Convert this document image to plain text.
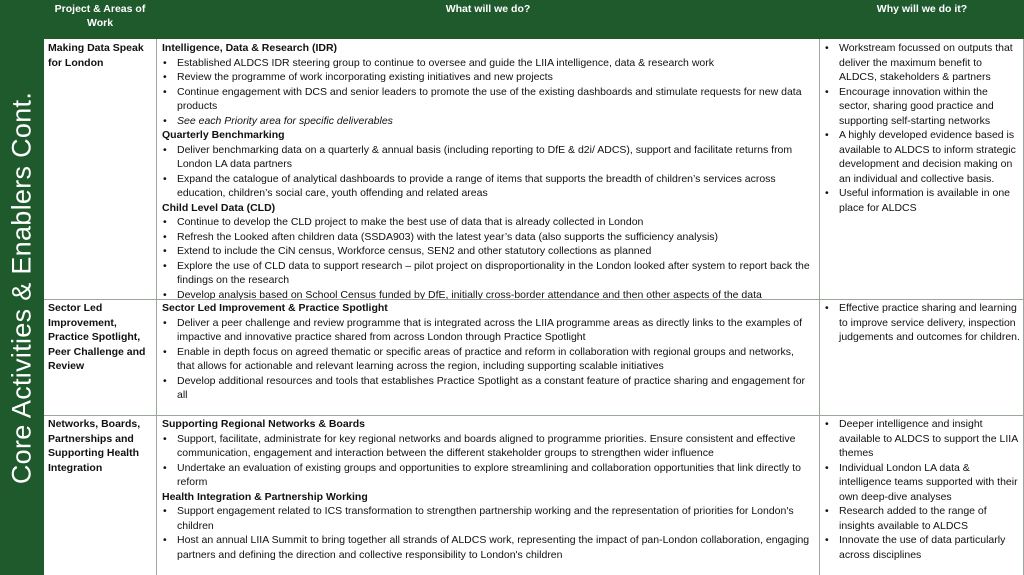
Core Activities & Enablers Cont.
Project & Areas of Work
What will we do?	Why will we do it?
Making Data Speak for London
Intelligence, Data & Research (IDR)
• Established ALDCS IDR steering group to continue to oversee and guide the LIIA intelligence, data & research work
• Review the programme of work incorporating existing initiatives and new projects
• Continue engagement with DCS and senior leaders to promote the use of the existing dashboards and stimulate requests for new data products
• See each Priority area for specific deliverables
Quarterly Benchmarking
• Deliver benchmarking data on a quarterly & annual basis (including reporting to DfE & d2i/ ADCS), support and facilitate returns from London LA data partners
• Expand the catalogue of analytical dashboards to provide a range of items that supports the breadth of children’s services across education, children’s social care, youth offending and related areas
Child Level Data (CLD)
• Continue to develop the CLD project to make the best use of data that is already collected in London
• Refresh the Looked aften children data (SSDA903) with the latest year’s data (also supports the sufficiency analysis)
• Extend to include the CiN census, Workforce census, SEN2 and other statutory collections as planned
• Explore the use of CLD data to support research – pilot project on disproportionality in the London looked after system to report back the findings on the research
• Develop analysis based on School Census funded by DfE, initially cross-border attendance and then other aspects of the data
• Workstream focussed on outputs that deliver the maximum benefit to ALDCS, stakeholders & partners
• Encourage innovation within the sector, sharing good practice and supporting self-starting networks
• A highly developed evidence based is available to ALDCS to inform strategic development and decision making on an individual and collective basis.
• Useful information is available in one place for ALDCS
Sector Led Improvement, Practice Spotlight, Peer Challenge and Review
Sector Led Improvement & Practice Spotlight
• Deliver a peer challenge and review programme that is integrated across the LIIA programme areas as directly links to the examples of impactive and innovative practice shared from across London through Practice Spotlight
• Enable in depth focus on agreed thematic or specific areas of practice and reform in collaboration with regional groups and networks, that allows for actionable and relevant learning across the region, including supporting scalable initiatives
• Develop additional resources and tools that establishes Practice Spotlight as a constant feature of practice sharing and engagement for all
• Effective practice sharing and learning to improve service delivery, inspection judgements and outcomes for children.
Networks, Boards, Partnerships and Supporting Health Integration
Supporting Regional Networks & Boards
• Support, facilitate, administrate for key regional networks and boards aligned to programme priorities. Ensure consistent and effective communication, engagement and interaction between the different stakeholder groups to strengthen wider influence
• Undertake an evaluation of existing groups and opportunities to explore streamlining and collaboration opportunities that link directly to reform
Health Integration & Partnership Working
• Support engagement related to ICS transformation to strengthen partnership working and the representation of priorities for London's children
• Host an annual LIIA Summit to bring together all strands of ALDCS work, representing the impact of pan-London collaboration, engaging partners and defining the direction and collective responsibility to London's children
• Deeper intelligence and insight available to ALDCS to support the LIIA themes
• Individual London LA data & intelligence teams supported with their own deep-dive analyses
• Research added to the range of insights available to ALDCS
• Innovate the use of data particularly across disciplines
